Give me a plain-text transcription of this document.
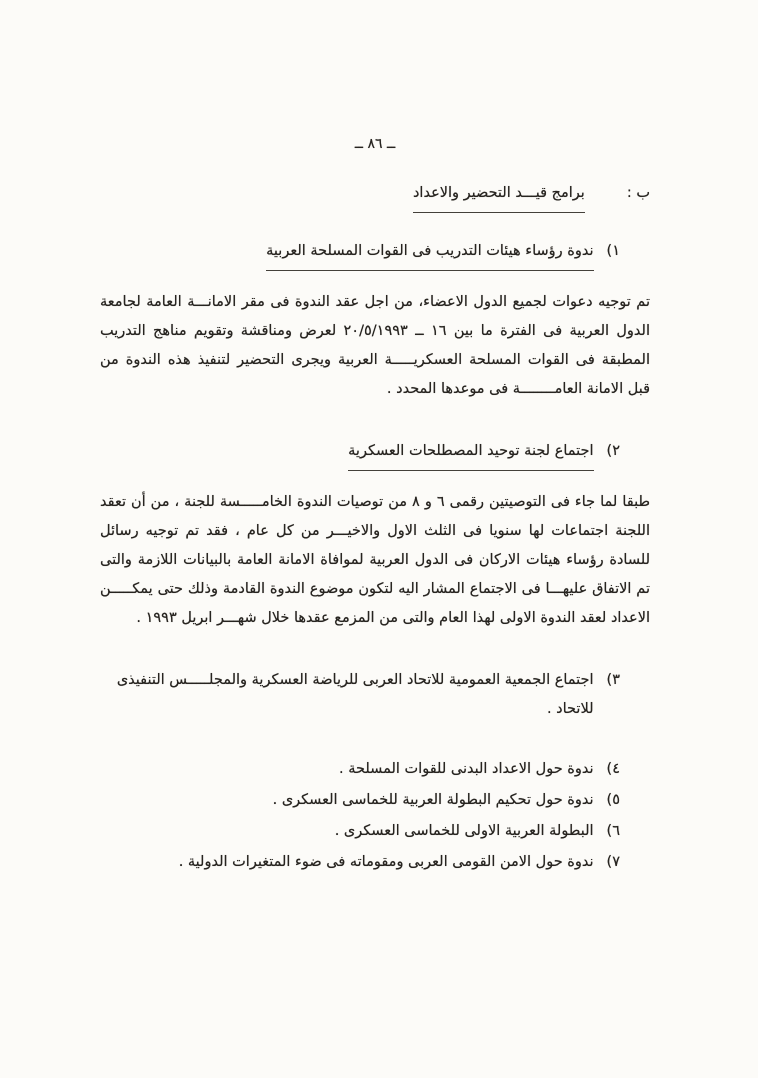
ــ ٨٦ ــ
ب :
برامج قيـــد التحضير والاعداد
١)
ندوة رؤساء هيئات التدريب فى القوات المسلحة العربية

تم توجيه دعوات لجميع الدول الاعضاء، من اجل عقد الندوة فى مقر الامانـــة العامة لجامعة الدول العربية فى الفترة ما بين ١٦ ــ ٢٠/٥/١٩٩٣ لعرض ومناقشة وتقويم مناهج التدريب المطبقة فى القوات المسلحة العسكريـــــة العربية ويجرى التحضير لتنفيذ هذه الندوة من قبل الامانة العامــــــــة فى موعدها المحدد .

٢)
اجتماع لجنة توحيد المصطلحات العسكرية

طبقا لما جاء فى التوصيتين رقمى ٦ و ٨ من توصيات الندوة الخامـــــسة للجنة ، من أن تعقد اللجنة اجتماعات لها سنويا فى الثلث الاول والاخيـــر من كل عام ، فقد تم توجيه رسائل للسادة رؤساء هيئات الاركان فى الدول العربية لموافاة الامانة العامة بالبيانات اللازمة والتى تم الاتفاق عليهـــا فى الاجتماع المشار اليه لتكون موضوع الندوة القادمة وذلك حتى يمكـــــن الاعداد لعقد الندوة الاولى لهذا العام والتى من المزمع عقدها خلال شهـــر ابريل ١٩٩٣ .

٣)
اجتماع الجمعية العمومية للاتحاد العربى للرياضة العسكرية والمجلـــــس التنفيذى للاتحاد .
٤)
ندوة حول الاعداد البدنى للقوات المسلحة .
٥)
ندوة حول تحكيم البطولة العربية للخماسى العسكرى .
٦)
البطولة العربية الاولى للخماسى العسكرى .
٧)
ندوة حول الامن القومى العربى ومقوماته فى ضوء المتغيرات الدولية .
